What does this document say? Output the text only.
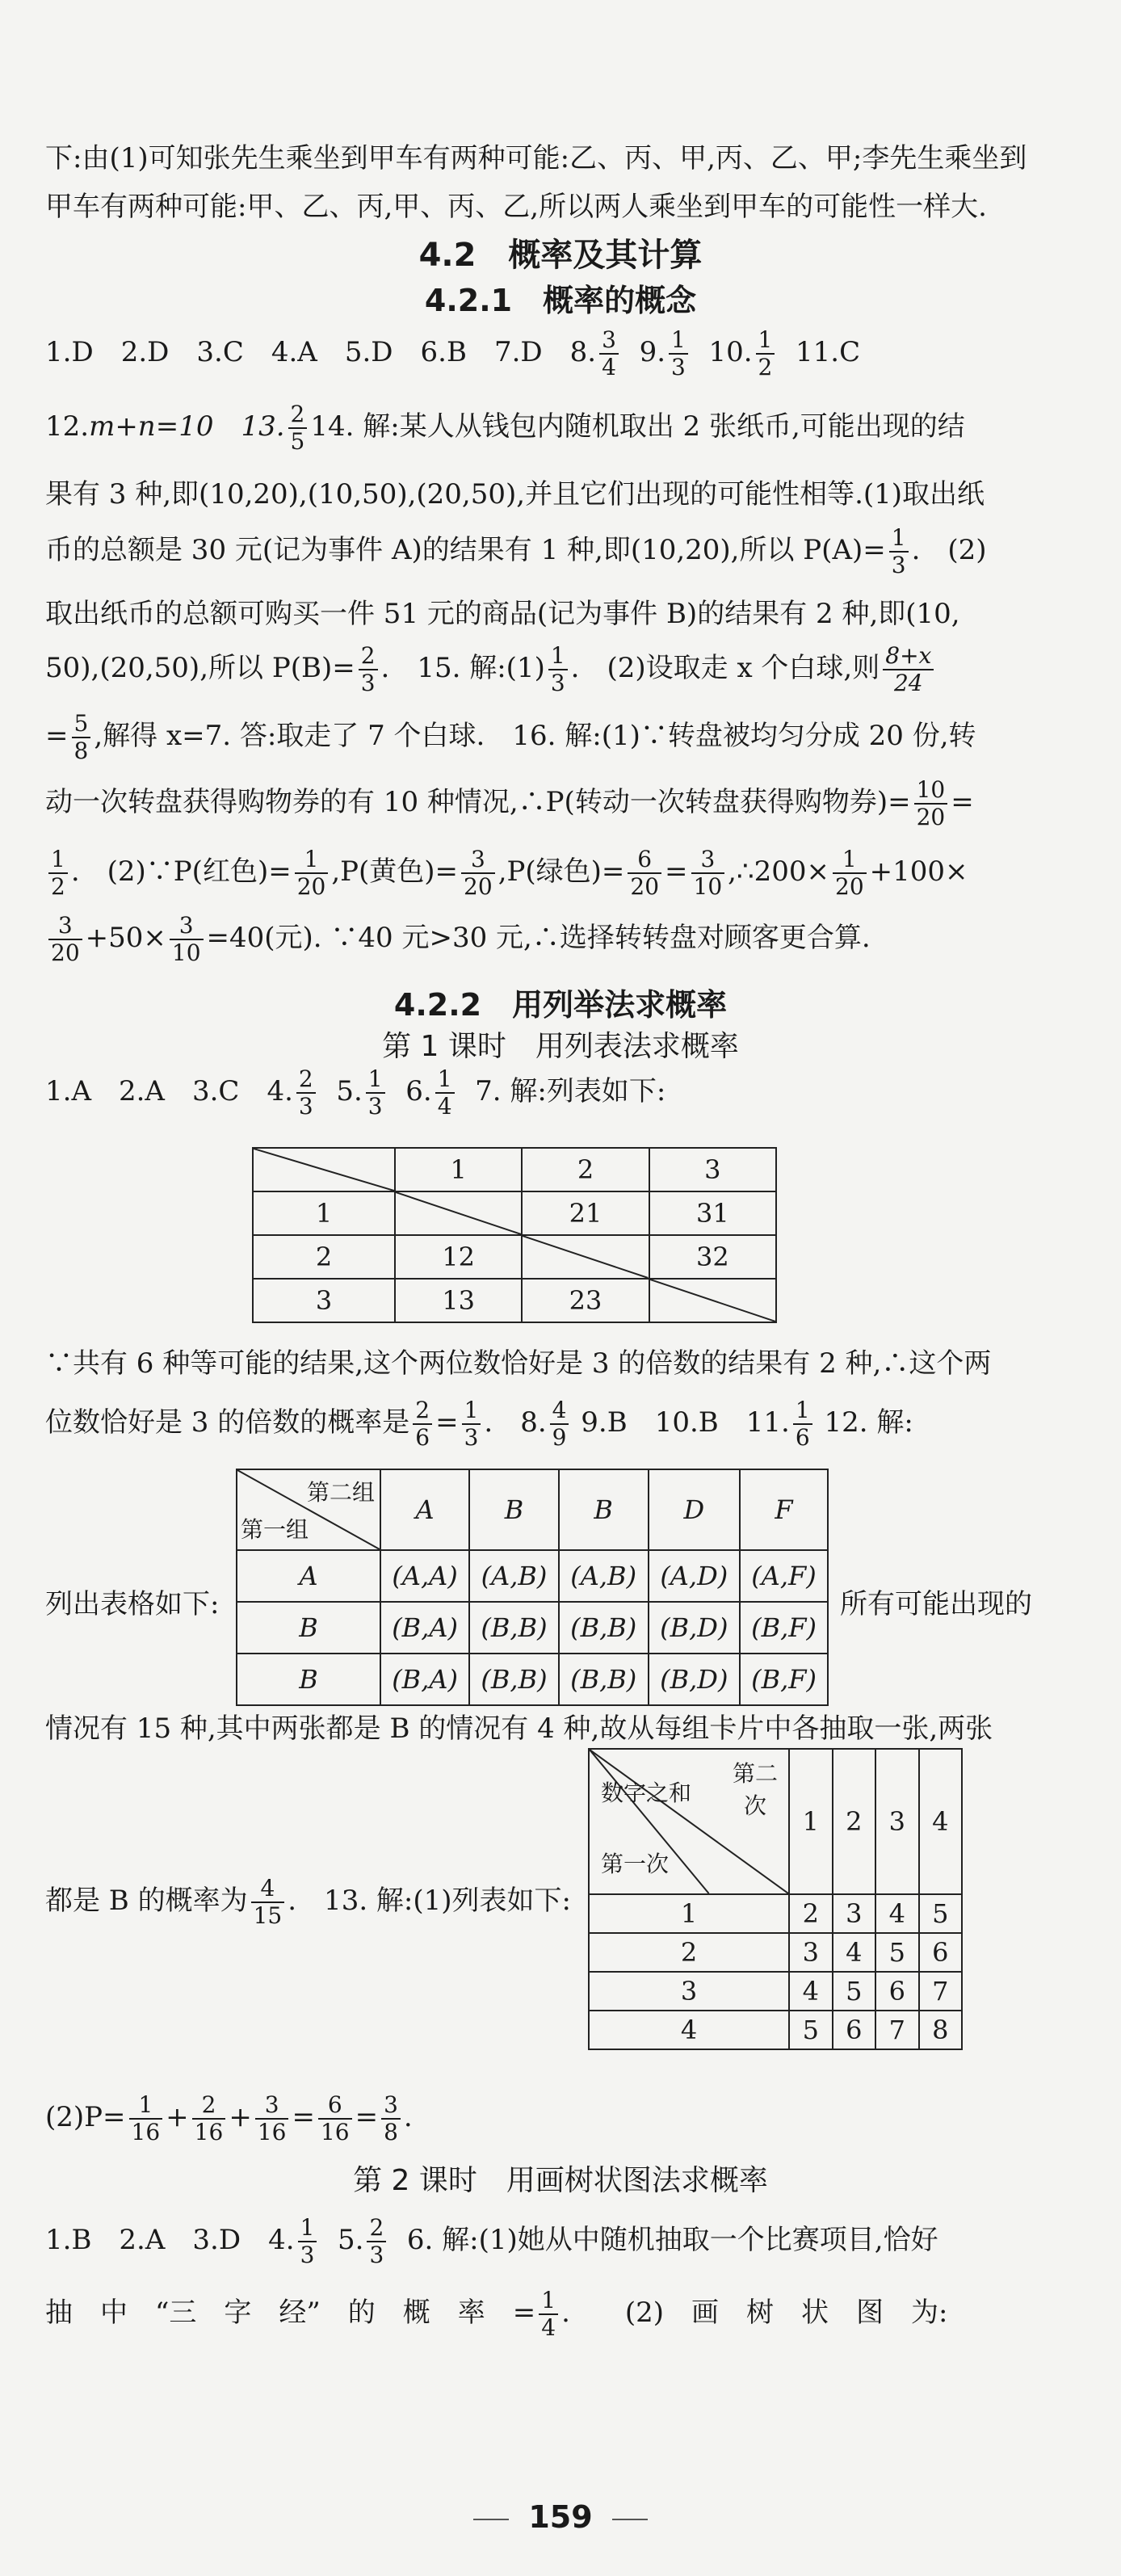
下:由(1)可知张先生乘坐到甲车有两种可能:乙、丙、甲,丙、乙、甲;李先生乘坐到
甲车有两种可能:甲、乙、丙,甲、丙、乙,所以两人乘坐到甲车的可能性一样大.
4.2　概率及其计算
4.2.1　概率的概念
1.D　2.D　3.C　4.A　5.D　6.B　7.D　8. $\frac{3}{4} 9$. $\frac{1}{3} 10$. $\frac{1}{2} 11.C$
12.m+n=10　13. $\frac{2}{5} 14$. 解:某人从钱包内随机取出 2 张纸币,可能出现的结
果有 3 种,即(10,20),(10,50),(20,50),并且它们出现的可能性相等.(1)取出纸
币的总额是 30 元(记为事件 A)的结果有 1 种,即(10,20),所以 $P(A)= \frac{1}{3}$ .　(2)
取出纸币的总额可购买一件 51 元的商品(记为事件 B)的结果有 2 种,即(10,
50),(20,50),所以 $P(B)= \frac{2}{3}$ .　15. 解:(1) $\frac{1}{3}$ .　(2)设取走 x 个白球,则 $\frac{8+x}{24}$
= $\frac{5}{8}$ ,解得 x=7. 答:取走了 7 个白球.　16. 解:(1)∵转盘被均匀分成 20 份,转
动一次转盘获得购物券的有 10 种情况,∴P(转动一次转盘获得购物券)= $\frac{10}{20}$ =
$\frac{1}{2}$ .　(2)∵P(红色)= $\frac{1}{20} ,P$(黄色)= $\frac{3}{20} ,P$(绿色)= $\frac{6}{20} = \frac{3}{10}$ ,∴200× $\frac{1}{20} +100\times$
$\frac{3}{20} +50\times \frac{3}{10} =40$(元). ∵40 元>30 元,∴选择转转盘对顾客更合算.
4.2.2　用列举法求概率
第 1 课时　用列表法求概率
1.A　2.A　3.C　4. $\frac{2}{3} 5$. $\frac{1}{3} 6$. $\frac{1}{4} 7$. 解:列表如下:
	1	2	3
1		21	31
2	12		32
3	13	23	
∵共有 6 种等可能的结果,这个两位数恰好是 3 的倍数的结果有 2 种,∴这个两
位数恰好是 3 的倍数的概率是 $\frac{2}{6} = \frac{1}{3}$ .　8. $\frac{4}{9} 9.B$　10.B　11. $\frac{1}{6} 12$. 解:
列出表格如下:
第二组
第一组	A	B	B	D	F
A	(A,A)	(A,B)	(A,B)	(A,D)	(A,F)
B	(B,A)	(B,B)	(B,B)	(B,D)	(B,F)
B	(B,A)	(B,B)	(B,B)	(B,D)	(B,F)
所有可能出现的
情况有 15 种,其中两张都是 B 的情况有 4 种,故从每组卡片中各抽取一张,两张
都是 B 的概率为 $\frac{4}{15}$ .　13. 解:(1)列表如下:
数字之和
第二次
第一次	1	2	3	4
1	2	3	4	5
2	3	4	5	6
3	4	5	6	7
4	5	6	7	8
$(2)P= \frac{1}{16} + \frac{2}{16} + \frac{3}{16} = \frac{6}{16} = \frac{3}{8}$ .
第 2 课时　用画树状图法求概率
1.B　2.A　3.D　4. $\frac{1}{3} 5$. $\frac{2}{3} 6$. 解:(1)她从中随机抽取一个比赛项目,恰好
抽　中　“三　字　经”　的　概　率　= $\frac{1}{4}$ .　　(2)　画　树　状　图　为:
159
